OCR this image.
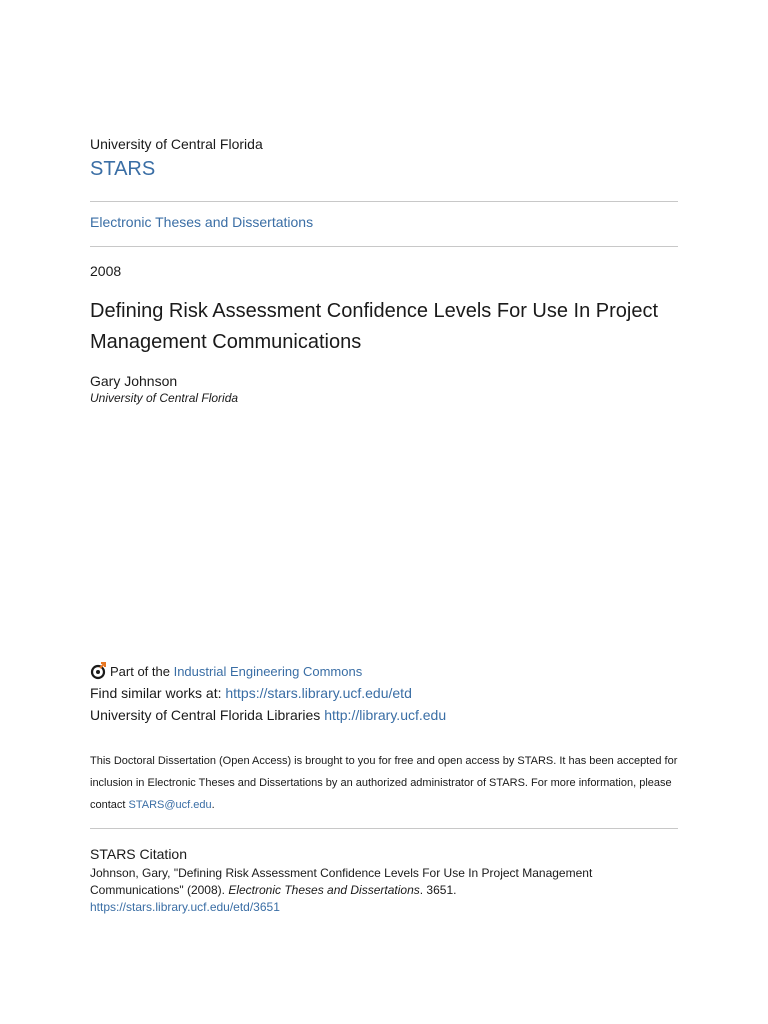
University of Central Florida
STARS
Electronic Theses and Dissertations
2008
Defining Risk Assessment Confidence Levels For Use In Project Management Communications
Gary Johnson
University of Central Florida
Part of the Industrial Engineering Commons
Find similar works at: https://stars.library.ucf.edu/etd
University of Central Florida Libraries http://library.ucf.edu
This Doctoral Dissertation (Open Access) is brought to you for free and open access by STARS. It has been accepted for inclusion in Electronic Theses and Dissertations by an authorized administrator of STARS. For more information, please contact STARS@ucf.edu.
STARS Citation
Johnson, Gary, "Defining Risk Assessment Confidence Levels For Use In Project Management Communications" (2008). Electronic Theses and Dissertations. 3651.
https://stars.library.ucf.edu/etd/3651
